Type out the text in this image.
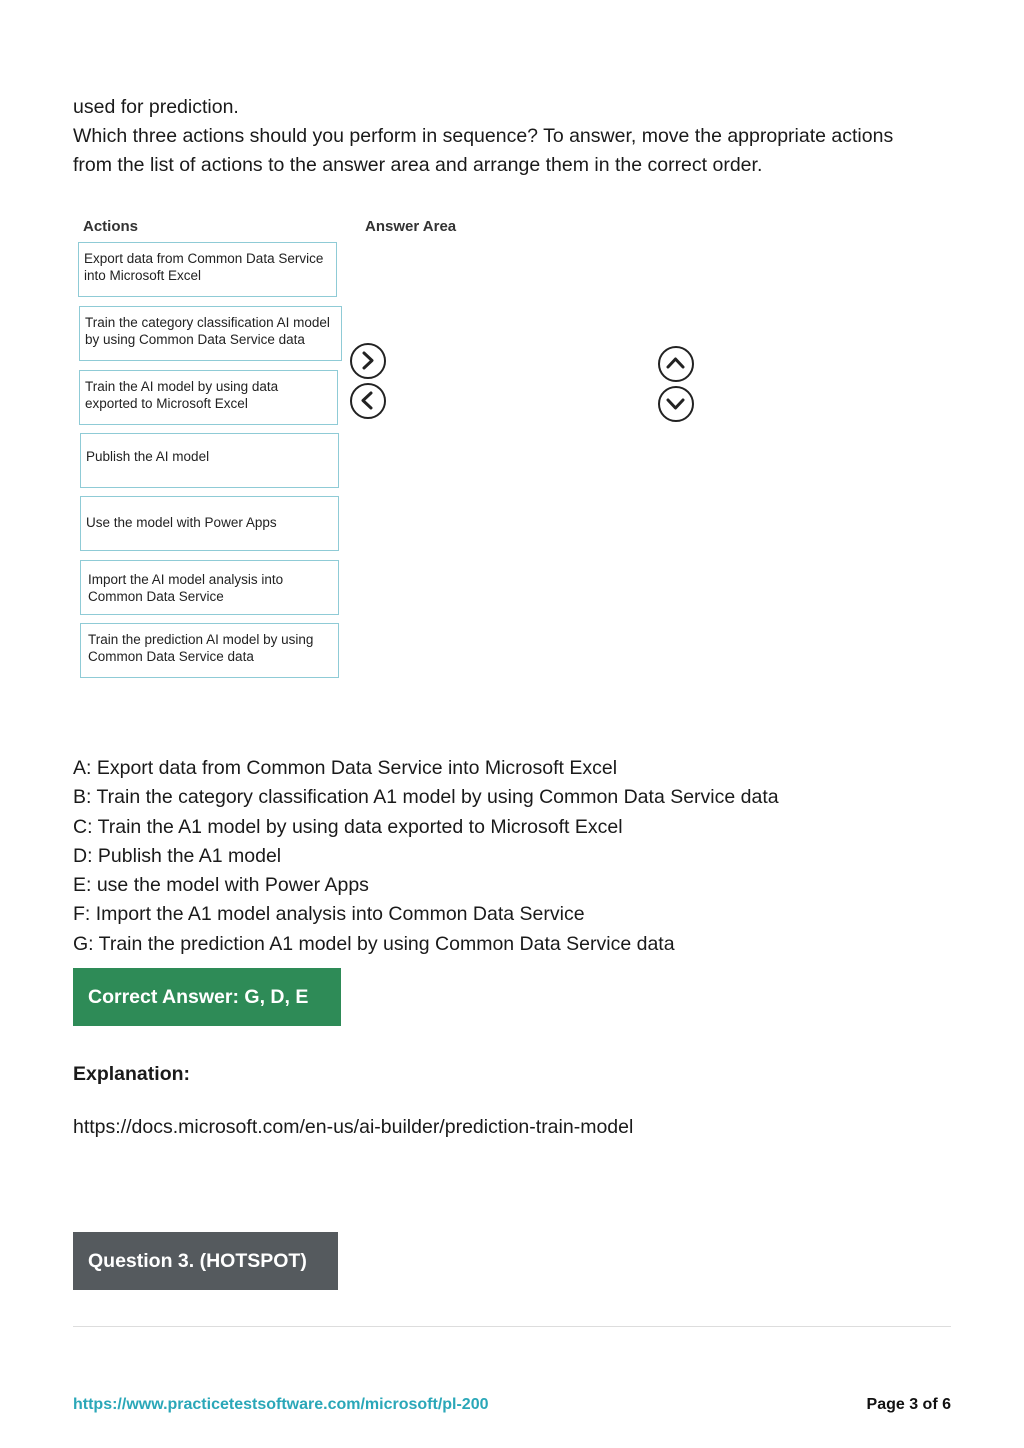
used for prediction.

Which three actions should you perform in sequence? To answer, move the appropriate actions

from the list of actions to the answer area and arrange them in the correct order.

Actions	Answer Area
Export data from Common Data Service
into Microsoft Excel
Train the category classification AI model
by using Common Data Service data
Train the AI model by using data
exported to Microsoft Excel
Publish the AI model
Use the model with Power Apps
Import the AI model analysis into
Common Data Service
Train the prediction AI model by using
Common Data Service data
A: Export data from Common Data Service into Microsoft Excel
B: Train the category classification A1 model by using Common Data Service data
C: Train the A1 model by using data exported to Microsoft Excel
D: Publish the A1 model
E: use the model with Power Apps
F: Import the A1 model analysis into Common Data Service
G: Train the prediction A1 model by using Common Data Service data
Correct Answer: G, D, E
Explanation:
https://docs.microsoft.com/en-us/ai-builder/prediction-train-model
Question 3. (HOTSPOT)
https://www.practicetestsoftware.com/microsoft/pl-200	Page 3 of 6
